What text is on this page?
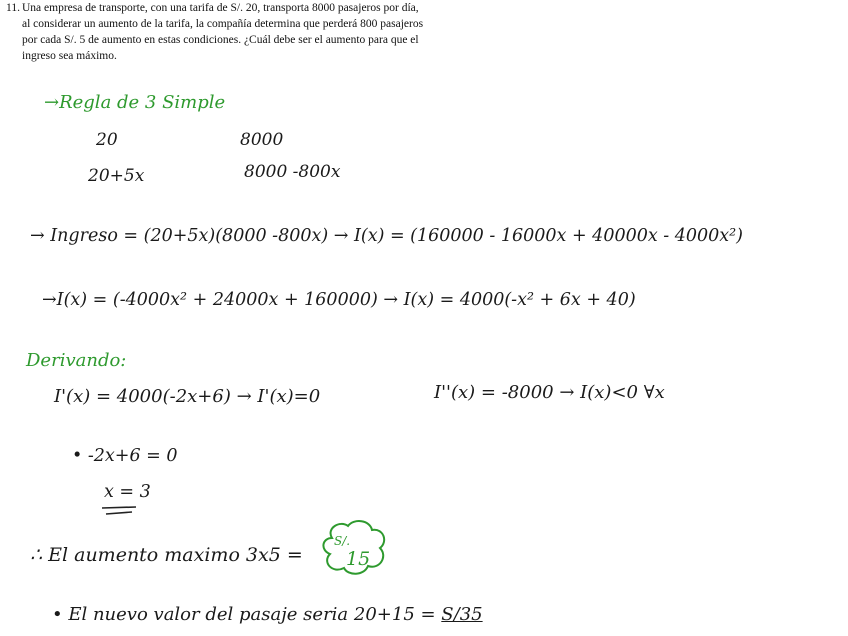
11. Una empresa de transporte, con una tarifa de S/. 20, transporta 8000 pasajeros por día, al considerar un aumento de la tarifa, la compañía determina que perderá 800 pasajeros por cada S/. 5 de aumento en estas condiciones. ¿Cuál debe ser el aumento para que el ingreso sea máximo.
→Regla de 3 Simple
20	8000
20+5x	8000 -800x
→ Ingreso = (20+5x)(8000 -800x) → I(x) = (160000 - 16000x + 40000x - 4000x²)
→I(x) = (-4000x² + 24000x + 160000) → I(x) = 4000(-x² + 6x + 40)
Derivando:
I'(x) = 4000(-2x+6) → I'(x)=0	I''(x) = -8000 → I(x)<0 ∀x
• -2x+6 = 0
x = 3
∴ El aumento maximo 3x5 =
S/.
15
• El nuevo valor del pasaje seria 20+15 = S/35
